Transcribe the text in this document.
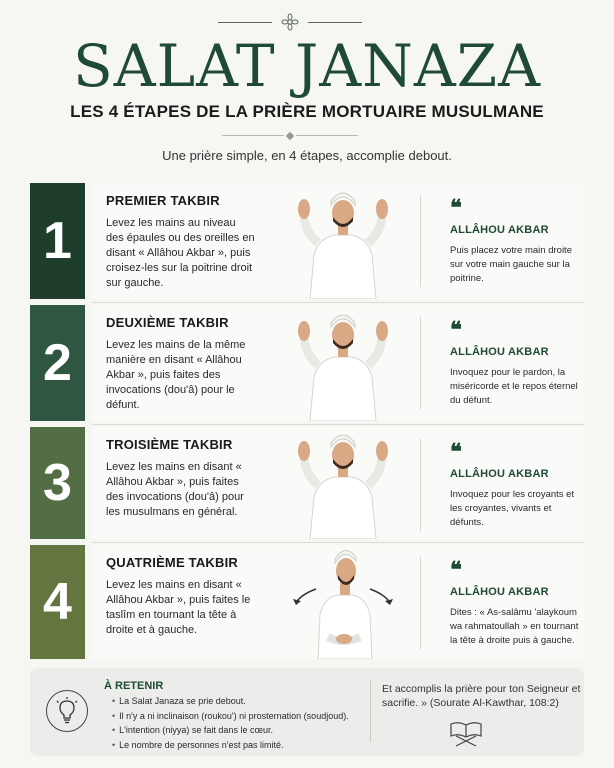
SALAT JANAZA
LES 4 ÉTAPES DE LA PRIÈRE MORTUAIRE MUSULMANE
Une prière simple, en 4 étapes, accomplie debout.
1
PREMIER TAKBIR
Levez les mains au niveau des épaules ou des oreilles en disant « Allâhou Akbar », puis croisez-les sur la poitrine droit sur gauche.
❝
ALLÂHOU AKBAR
Puis placez votre main droite sur votre main gauche sur la poitrine.
2
DEUXIÈME TAKBIR
Levez les mains de la même manière en disant « Allâhou Akbar », puis faites des invocations (dou'â) pour le défunt.
❝
ALLÂHOU AKBAR
Invoquez pour le pardon, la miséricorde et le repos éternel du défunt.
3
TROISIÈME TAKBIR
Levez les mains en disant « Allâhou Akbar », puis faites des invocations (dou'â) pour les musulmans en général.
❝
ALLÂHOU AKBAR
Invoquez pour les croyants et les croyantes, vivants et défunts.
4
QUATRIÈME TAKBIR
Levez les mains en disant « Allâhou Akbar », puis faites le taslîm en tournant la tête à droite et à gauche.
❝
ALLÂHOU AKBAR
Dites : « As-salâmu 'alaykoum wa rahmatoullah » en tournant la tête à droite puis à gauche.
À RETENIR
• La Salat Janaza se prie debout.
• Il n'y a ni inclinaison (roukou') ni prosternation (soudjoud).
• L'intention (niyya) se fait dans le cœur.
• Le nombre de personnes n'est pas limité.
Et accomplis la prière pour ton Seigneur et sacrifie. » (Sourate Al-Kawthar, 108:2)
